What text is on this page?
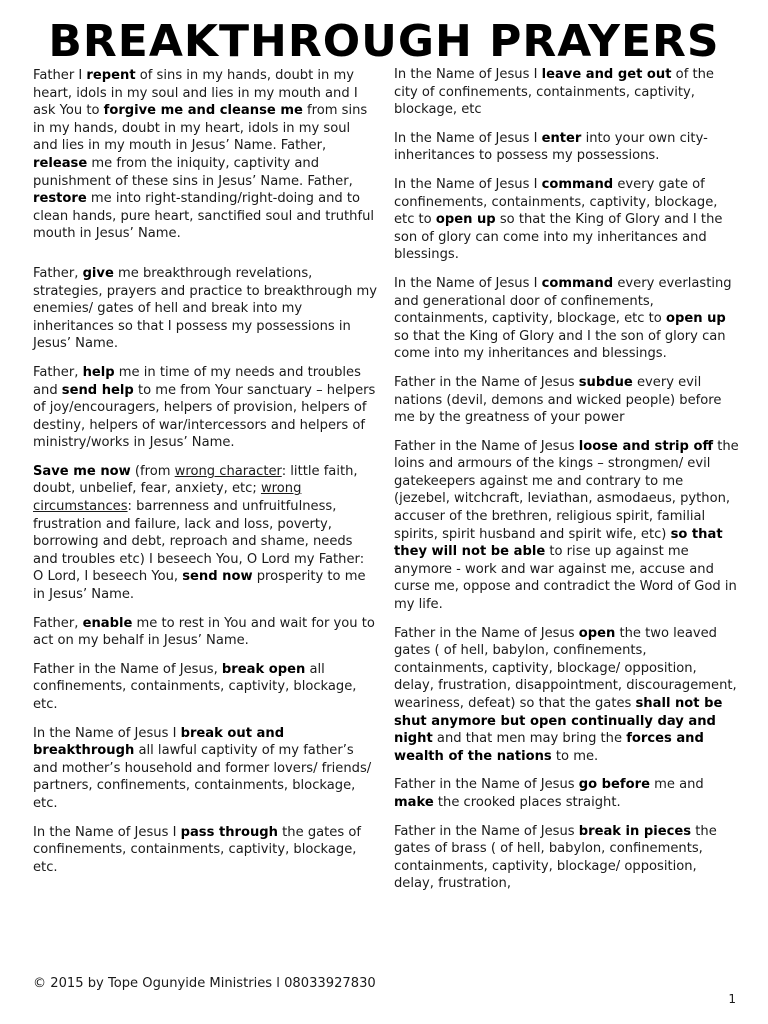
BREAKTHROUGH PRAYERS

Father I repent of sins in my hands, doubt in my heart, idols in my soul and lies in my mouth and I ask You to forgive me and cleanse me from sins in my hands, doubt in my heart, idols in my soul and lies in my mouth in Jesus’ Name. Father, release me from the iniquity, captivity and punishment of these sins in Jesus’ Name. Father, restore me into right-standing/right-doing and to clean hands, pure heart, sanctified soul and truthful mouth in Jesus’ Name.

Father, give me breakthrough revelations, strategies, prayers and practice to breakthrough my enemies/ gates of hell and break into my inheritances so that I possess my possessions in Jesus’ Name.

Father, help me in time of my needs and troubles and send help to me from Your sanctuary – helpers of joy/encouragers, helpers of provision, helpers of destiny, helpers of war/intercessors and helpers of ministry/works in Jesus’ Name.

Save me now (from wrong character: little faith, doubt, unbelief, fear, anxiety, etc; wrong circumstances: barrenness and unfruitfulness, frustration and failure, lack and loss, poverty, borrowing and debt, reproach and shame, needs and troubles etc) I beseech You, O Lord my Father: O Lord, I beseech You, send now prosperity to me in Jesus’ Name.

Father, enable me to rest in You and wait for you to act on my behalf in Jesus’ Name.

Father in the Name of Jesus, break open all confinements, containments, captivity, blockage, etc.

In the Name of Jesus I break out and breakthrough all lawful captivity of my father’s and mother’s household and former lovers/ friends/ partners, confinements, containments, blockage, etc.

In the Name of Jesus I pass through the gates of confinements, containments, captivity, blockage, etc.

In the Name of Jesus I leave and get out of the city of confinements, containments, captivity, blockage, etc

In the Name of Jesus I enter into your own city-inheritances to possess my possessions.

In the Name of Jesus I command every gate of confinements, containments, captivity, blockage, etc to open up so that the King of Glory and I the son of glory can come into my inheritances and blessings.

In the Name of Jesus I command every everlasting and generational door of confinements, containments, captivity, blockage, etc to open up so that the King of Glory and I the son of glory can come into my inheritances and blessings.

Father in the Name of Jesus subdue every evil nations (devil, demons and wicked people) before me by the greatness of your power

Father in the Name of Jesus loose and strip off the loins and armours of the kings – strongmen/ evil gatekeepers against me and contrary to me (jezebel, witchcraft, leviathan, asmodaeus, python, accuser of the brethren, religious spirit, familial spirits, spirit husband and spirit wife, etc) so that they will not be able to rise up against me anymore - work and war against me, accuse and curse me, oppose and contradict the Word of God in my life.

Father in the Name of Jesus open the two leaved gates ( of hell, babylon, confinements, containments, captivity, blockage/ opposition, delay, frustration, disappointment, discouragement, weariness, defeat) so that the gates shall not be shut anymore but open continually day and night and that men may bring the forces and wealth of the nations to me.

Father in the Name of Jesus go before me and make the crooked places straight.

Father in the Name of Jesus break in pieces the gates of brass ( of hell, babylon, confinements, containments, captivity, blockage/ opposition, delay, frustration,

© 2015 by Tope Ogunyide Ministries l 08033927830
1
